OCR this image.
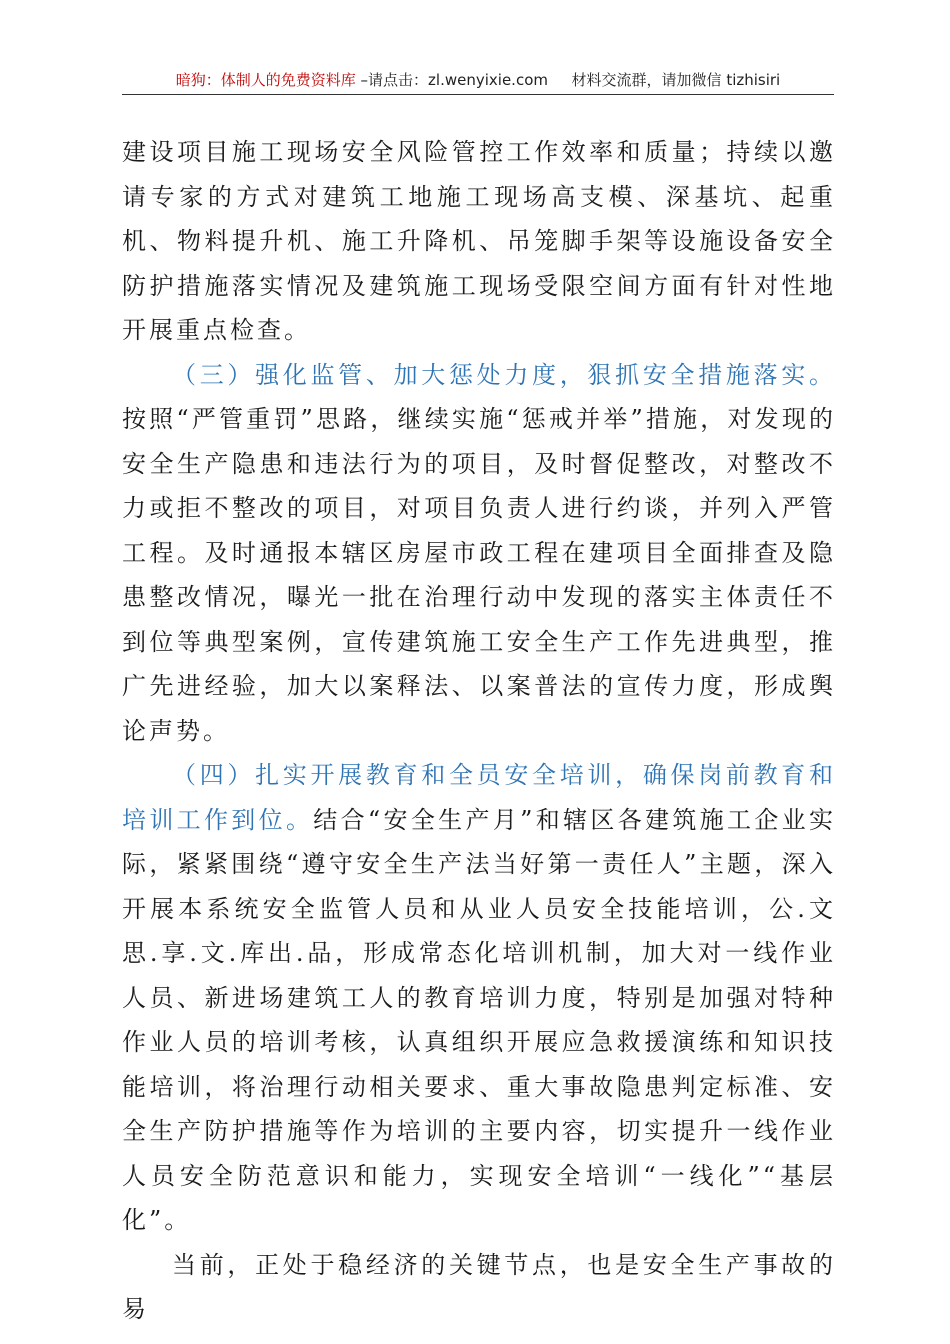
暗狗：体制人的免费资料库 –请点击：zl.wenyixie.com 材料交流群，请加微信 tizhisiri

建设项目施工现场安全风险管控工作效率和质量；持续以邀请专家的方式对建筑工地施工现场高支模、深基坑、起重机、物料提升机、施工升降机、吊笼脚手架等设施设备安全防护措施落实情况及建筑施工现场受限空间方面有针对性地开展重点检查。

（三）强化监管、加大惩处力度，狠抓安全措施落实。按照“严管重罚”思路，继续实施“惩戒并举”措施，对发现的安全生产隐患和违法行为的项目，及时督促整改，对整改不力或拒不整改的项目，对项目负责人进行约谈，并列入严管工程。及时通报本辖区房屋市政工程在建项目全面排查及隐患整改情况，曝光一批在治理行动中发现的落实主体责任不到位等典型案例，宣传建筑施工安全生产工作先进典型，推广先进经验，加大以案释法、以案普法的宣传力度，形成舆论声势。

（四）扎实开展教育和全员安全培训，确保岗前教育和培训工作到位。结合“安全生产月”和辖区各建筑施工企业实际，紧紧围绕“遵守安全生产法当好第一责任人”主题，深入开展本系统安全监管人员和从业人员安全技能培训，公.文思.享.文.库出.品，形成常态化培训机制，加大对一线作业人员、新进场建筑工人的教育培训力度，特别是加强对特种作业人员的培训考核，认真组织开展应急救援演练和知识技能培训，将治理行动相关要求、重大事故隐患判定标准、安全生产防护措施等作为培训的主要内容，切实提升一线作业人员安全防范意识和能力，实现安全培训“一线化”“基层化”。

当前，正处于稳经济的关键节点，也是安全生产事故的易
